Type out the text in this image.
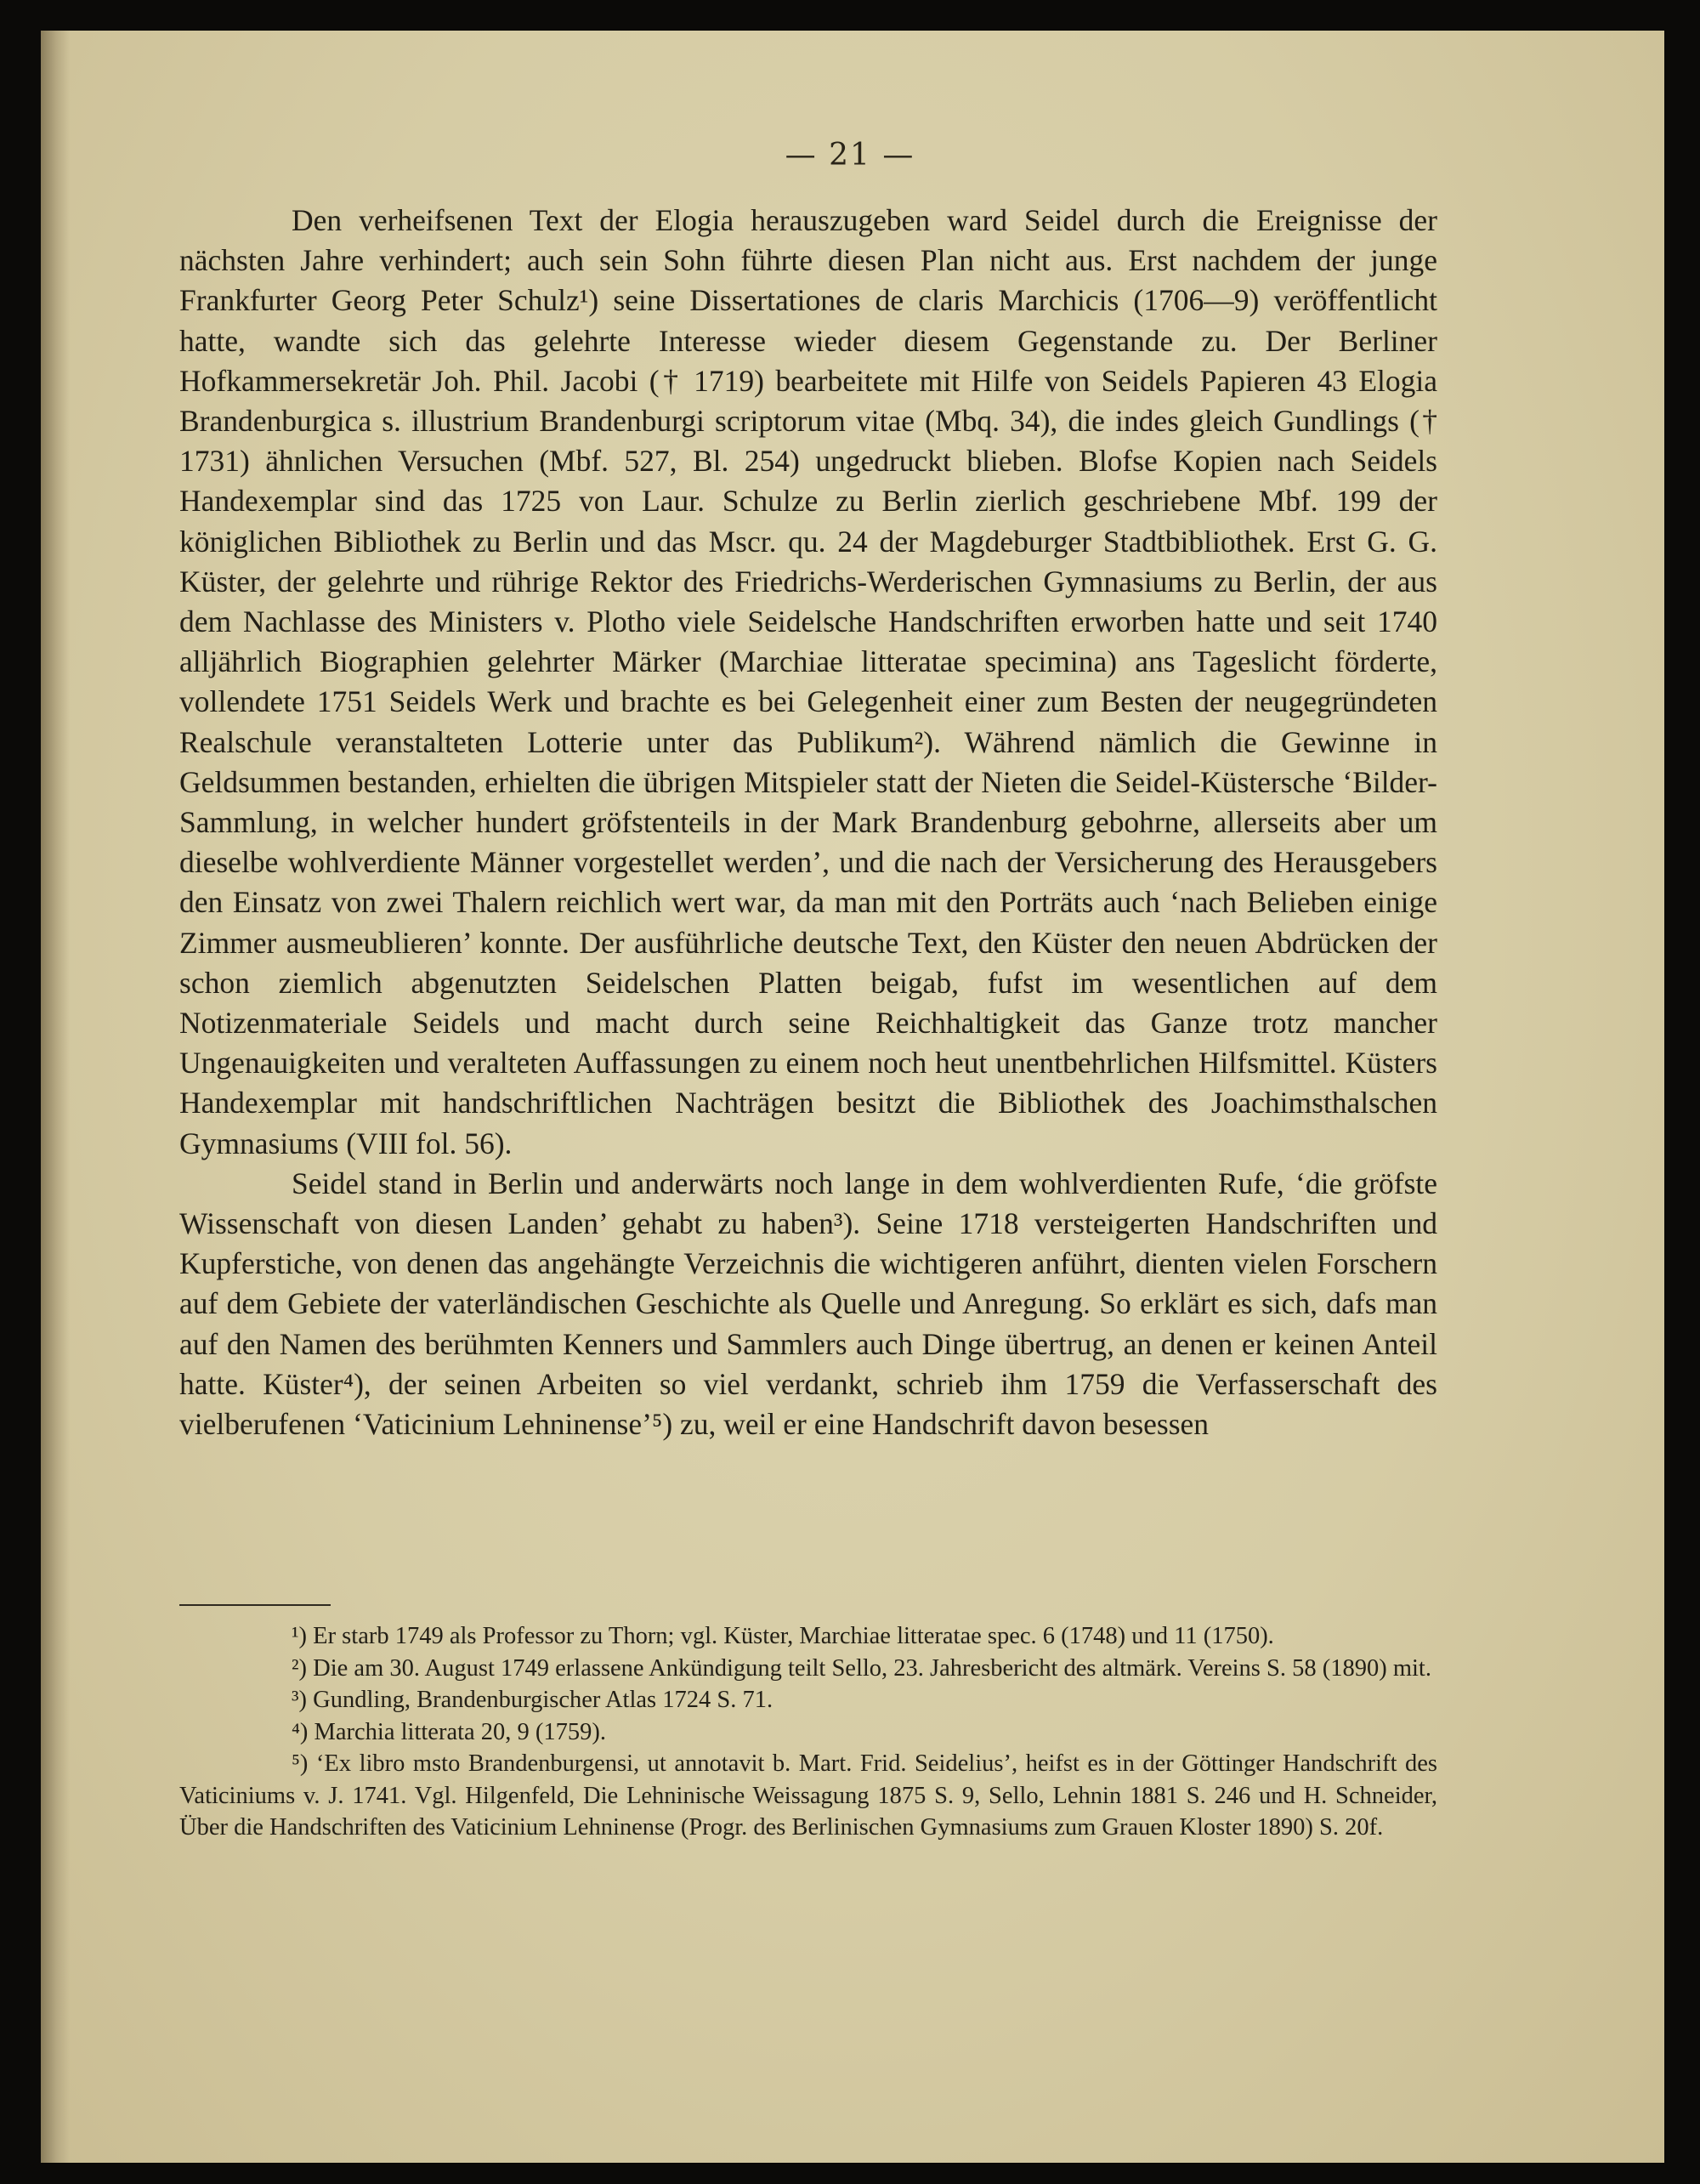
— 21 —

Den verheifsenen Text der Elogia herauszugeben ward Seidel durch die Ereignisse der nächsten Jahre verhindert; auch sein Sohn führte diesen Plan nicht aus. Erst nachdem der junge Frankfurter Georg Peter Schulz¹) seine Dissertationes de claris Marchicis (1706—9) veröffentlicht hatte, wandte sich das gelehrte Interesse wieder diesem Gegenstande zu. Der Berliner Hofkammersekretär Joh. Phil. Jacobi († 1719) bearbeitete mit Hilfe von Seidels Papieren 43 Elogia Brandenburgica s. illustrium Brandenburgi scriptorum vitae (Mbq. 34), die indes gleich Gundlings († 1731) ähnlichen Versuchen (Mbf. 527, Bl. 254) ungedruckt blieben. Blofse Kopien nach Seidels Handexemplar sind das 1725 von Laur. Schulze zu Berlin zierlich geschriebene Mbf. 199 der königlichen Bibliothek zu Berlin und das Mscr. qu. 24 der Magdeburger Stadtbibliothek. Erst G. G. Küster, der gelehrte und rührige Rektor des Friedrichs-Werderischen Gymnasiums zu Berlin, der aus dem Nachlasse des Ministers v. Plotho viele Seidelsche Handschriften erworben hatte und seit 1740 alljährlich Biographien gelehrter Märker (Marchiae litteratae specimina) ans Tageslicht förderte, vollendete 1751 Seidels Werk und brachte es bei Gelegenheit einer zum Besten der neugegründeten Realschule veranstalteten Lotterie unter das Publikum²). Während nämlich die Gewinne in Geldsummen bestanden, erhielten die übrigen Mitspieler statt der Nieten die Seidel-Küstersche ‘Bilder-Sammlung, in welcher hundert gröfstenteils in der Mark Brandenburg gebohrne, allerseits aber um dieselbe wohlverdiente Männer vorgestellet werden’, und die nach der Versicherung des Herausgebers den Einsatz von zwei Thalern reichlich wert war, da man mit den Porträts auch ‘nach Belieben einige Zimmer ausmeublieren’ konnte. Der ausführliche deutsche Text, den Küster den neuen Abdrücken der schon ziemlich abgenutzten Seidelschen Platten beigab, fufst im wesentlichen auf dem Notizenmateriale Seidels und macht durch seine Reichhaltigkeit das Ganze trotz mancher Ungenauigkeiten und veralteten Auffassungen zu einem noch heut unentbehrlichen Hilfsmittel. Küsters Handexemplar mit handschriftlichen Nachträgen besitzt die Bibliothek des Joachimsthalschen Gymnasiums (VIII fol. 56).

Seidel stand in Berlin und anderwärts noch lange in dem wohlverdienten Rufe, ‘die gröfste Wissenschaft von diesen Landen’ gehabt zu haben³). Seine 1718 versteigerten Handschriften und Kupferstiche, von denen das angehängte Verzeichnis die wichtigeren anführt, dienten vielen Forschern auf dem Gebiete der vaterländischen Geschichte als Quelle und Anregung. So erklärt es sich, dafs man auf den Namen des berühmten Kenners und Sammlers auch Dinge übertrug, an denen er keinen Anteil hatte. Küster⁴), der seinen Arbeiten so viel verdankt, schrieb ihm 1759 die Verfasserschaft des vielberufenen ‘Vaticinium Lehninense’⁵) zu, weil er eine Handschrift davon besessen

¹) Er starb 1749 als Professor zu Thorn; vgl. Küster, Marchiae litteratae spec. 6 (1748) und 11 (1750).

²) Die am 30. August 1749 erlassene Ankündigung teilt Sello, 23. Jahresbericht des altmärk. Vereins S. 58 (1890) mit.

³) Gundling, Brandenburgischer Atlas 1724 S. 71.

⁴) Marchia litterata 20, 9 (1759).

⁵) ‘Ex libro msto Brandenburgensi, ut annotavit b. Mart. Frid. Seidelius’, heifst es in der Göttinger Handschrift des Vaticiniums v. J. 1741. Vgl. Hilgenfeld, Die Lehninische Weissagung 1875 S. 9, Sello, Lehnin 1881 S. 246 und H. Schneider, Über die Handschriften des Vaticinium Lehninense (Progr. des Berlinischen Gymnasiums zum Grauen Kloster 1890) S. 20f.
